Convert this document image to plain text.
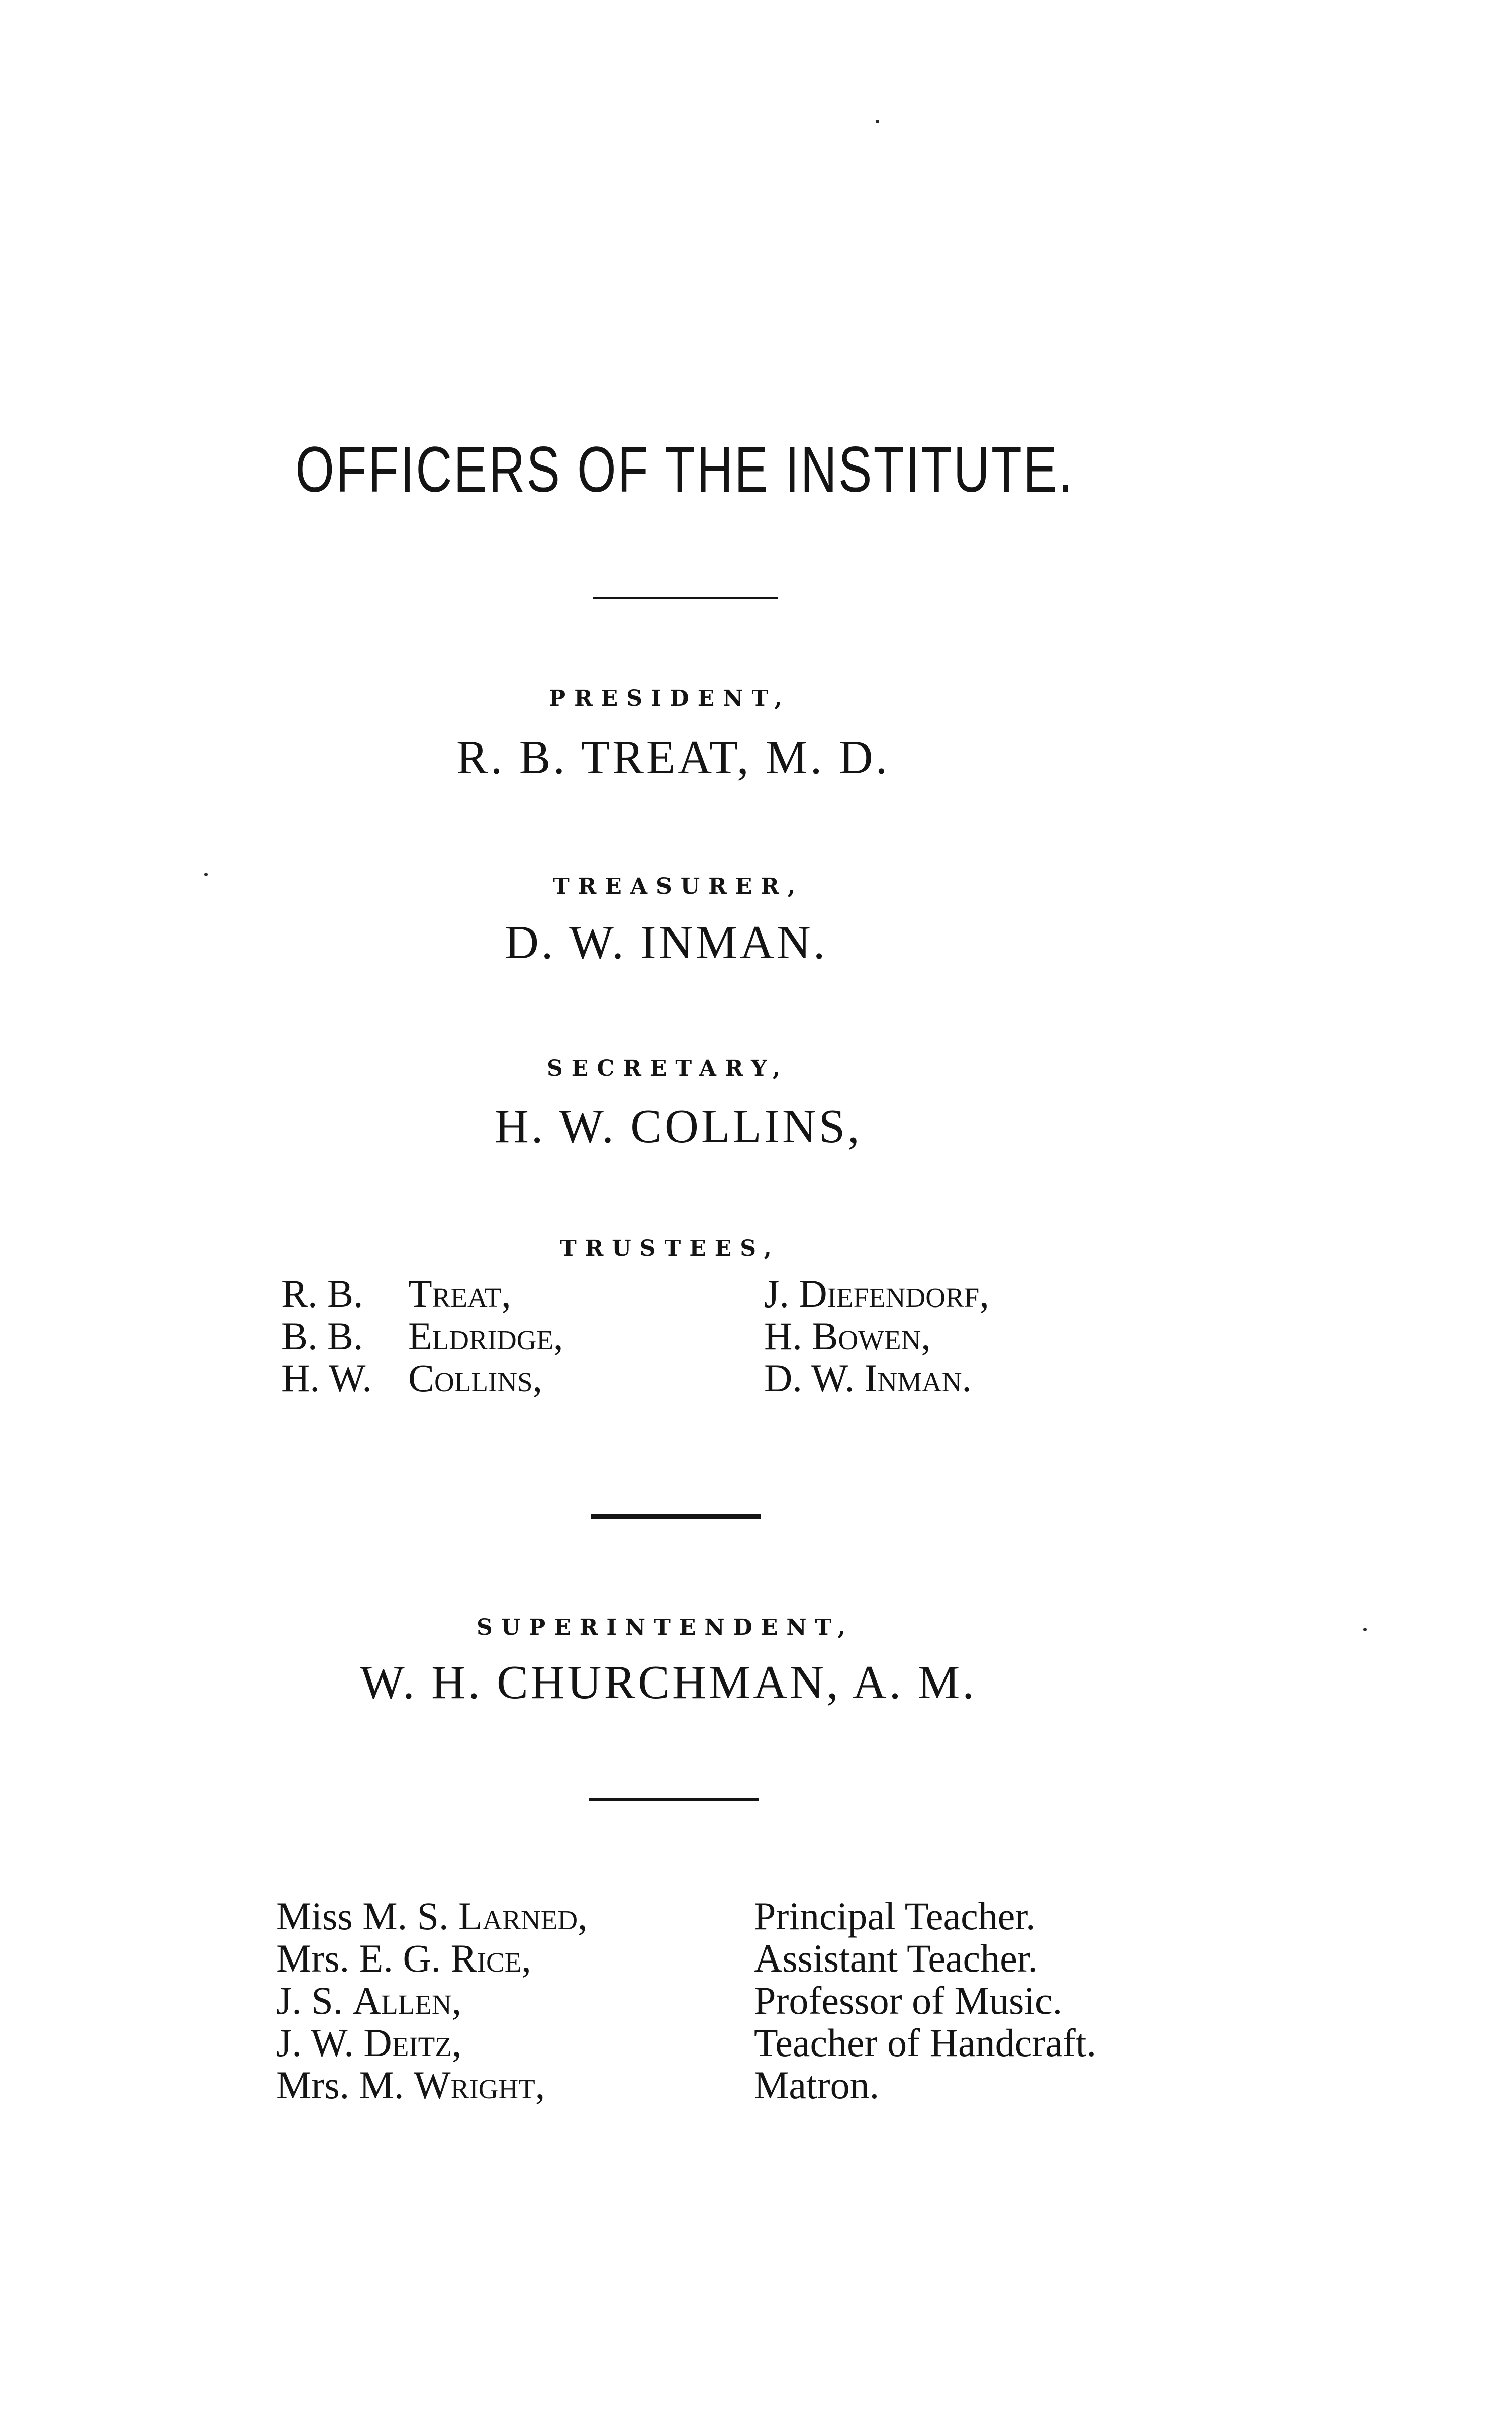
OFFICERS OF THE INSTITUTE.
PRESIDENT,
R. B. TREAT, M. D.
TREASURER,
D. W. INMAN.
SECRETARY,
H. W. COLLINS,
TRUSTEES,
R. B. Treat,
B. B. Eldridge,
H. W. Collins,
J. Diefendorf,
H. Bowen,
D. W. Inman.
SUPERINTENDENT,
W. H. CHURCHMAN, A. M.
Miss M. S. Larned,
Mrs. E. G. Rice,
J. S. Allen,
J. W. Deitz,
Mrs. M. Wright,
Principal Teacher.
Assistant Teacher.
Professor of Music.
Teacher of Handcraft.
Matron.
